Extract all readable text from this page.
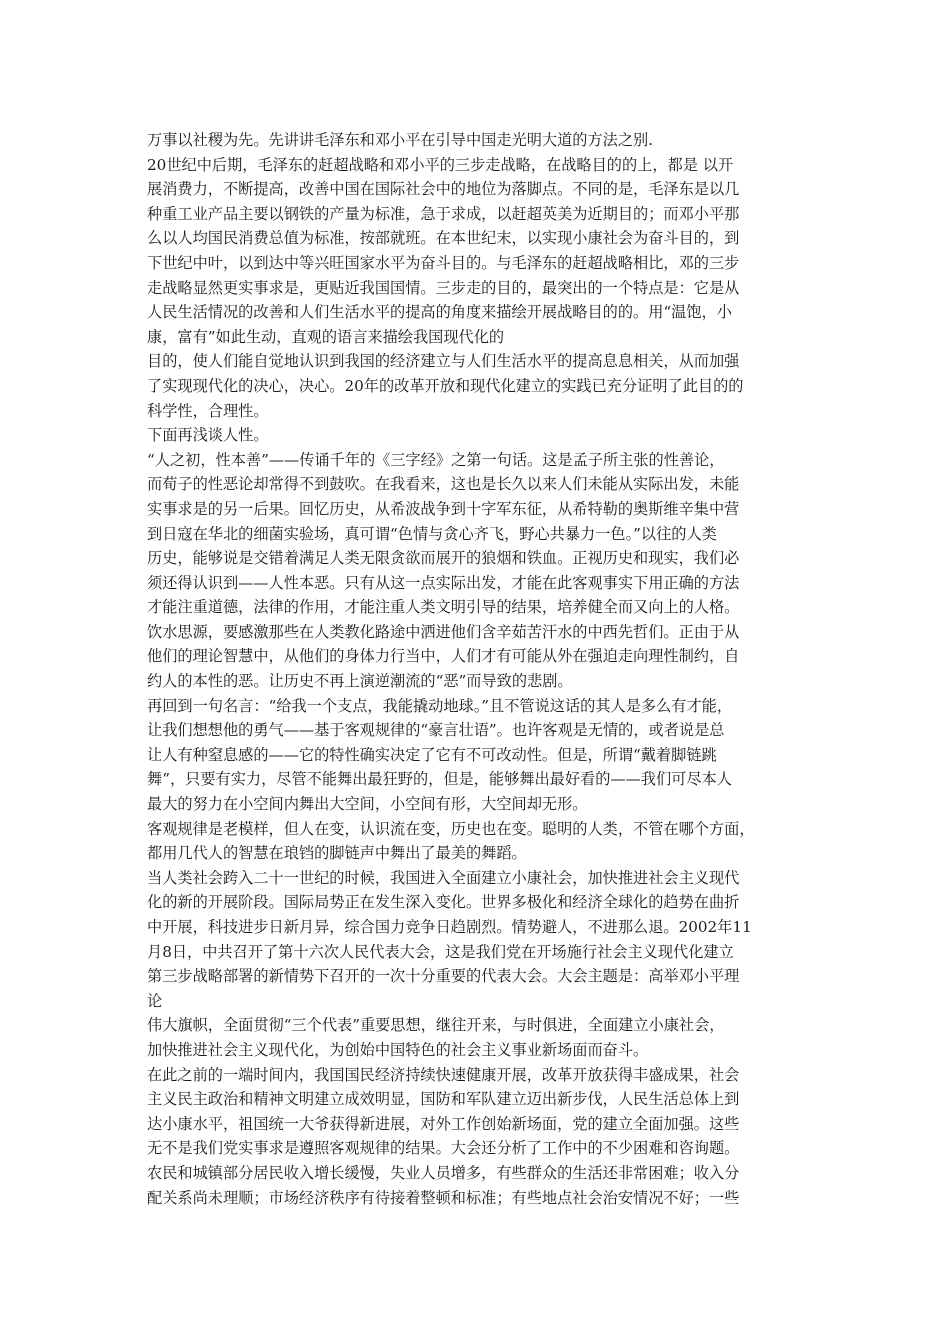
万事以社稷为先。先讲讲毛泽东和邓小平在引导中国走光明大道的方法之别.
20世纪中后期，毛泽东的赶超战略和邓小平的三步走战略，在战略目的的上，都是 以开
展消费力，不断提高，改善中国在国际社会中的地位为落脚点。不同的是，毛泽东是以几
种重工业产品主要以钢铁的产量为标准，急于求成，以赶超英美为近期目的；而邓小平那
么以人均国民消费总值为标准，按部就班。在本世纪末，以实现小康社会为奋斗目的，到
下世纪中叶，以到达中等兴旺国家水平为奋斗目的。与毛泽东的赶超战略相比，邓的三步
走战略显然更实事求是，更贴近我国国情。三步走的目的，最突出的一个特点是：它是从
人民生活情况的改善和人们生活水平的提高的角度来描绘开展战略目的的。用“温饱，小
康，富有”如此生动，直观的语言来描绘我国现代化的
目的，使人们能自觉地认识到我国的经济建立与人们生活水平的提高息息相关，从而加强
了实现现代化的决心，决心。20年的改革开放和现代化建立的实践已充分证明了此目的的
科学性，合理性。
下面再浅谈人性。
“人之初，性本善”——传诵千年的《三字经》之第一句话。这是孟子所主张的性善论，
而荀子的性恶论却常得不到鼓吹。在我看来，这也是长久以来人们未能从实际出发，未能
实事求是的另一后果。回忆历史，从希波战争到十字军东征，从希特勒的奥斯维辛集中营
到日寇在华北的细菌实验场，真可谓“色情与贪心齐飞，野心共暴力一色。”以往的人类
历史，能够说是交错着满足人类无限贪欲而展开的狼烟和铁血。正视历史和现实，我们必
须还得认识到——人性本恶。只有从这一点实际出发，才能在此客观事实下用正确的方法
才能注重道德，法律的作用，才能注重人类文明引导的结果，培养健全而又向上的人格。
饮水思源，要感激那些在人类教化路途中洒进他们含辛茹苦汗水的中西先哲们。正由于从
他们的理论智慧中，从他们的身体力行当中，人们才有可能从外在强迫走向理性制约，自
约人的本性的恶。让历史不再上演逆潮流的“恶”而导致的悲剧。
再回到一句名言：“给我一个支点，我能撬动地球。”且不管说这话的其人是多么有才能，
让我们想想他的勇气——基于客观规律的“豪言壮语”。也许客观是无情的，或者说是总
让人有种窒息感的——它的特性确实决定了它有不可改动性。但是，所谓“戴着脚链跳
舞”，只要有实力，尽管不能舞出最狂野的，但是，能够舞出最好看的——我们可尽本人
最大的努力在小空间内舞出大空间，小空间有形，大空间却无形。
客观规律是老模样，但人在变，认识流在变，历史也在变。聪明的人类，不管在哪个方面，
都用几代人的智慧在琅铛的脚链声中舞出了最美的舞蹈。
当人类社会跨入二十一世纪的时候，我国进入全面建立小康社会，加快推进社会主义现代
化的新的开展阶段。国际局势正在发生深入变化。世界多极化和经济全球化的趋势在曲折
中开展，科技进步日新月异，综合国力竞争日趋剧烈。情势避人，不进那么退。2002年11
月8日，中共召开了第十六次人民代表大会，这是我们党在开场施行社会主义现代化建立
第三步战略部署的新情势下召开的一次十分重要的代表大会。大会主题是：高举邓小平理
论
伟大旗帜，全面贯彻“三个代表”重要思想，继往开来，与时俱进，全面建立小康社会，
加快推进社会主义现代化，为创始中国特色的社会主义事业新场面而奋斗。
在此之前的一端时间内，我国国民经济持续快速健康开展，改革开放获得丰盛成果，社会
主义民主政治和精神文明建立成效明显，国防和军队建立迈出新步伐，人民生活总体上到
达小康水平，祖国统一大爷获得新进展，对外工作创始新场面，党的建立全面加强。这些
无不是我们党实事求是遵照客观规律的结果。大会还分析了工作中的不少困难和咨询题。
农民和城镇部分居民收入增长缓慢，失业人员增多，有些群众的生活还非常困难；收入分
配关系尚未理顺；市场经济秩序有待接着整顿和标准；有些地点社会治安情况不好；一些
